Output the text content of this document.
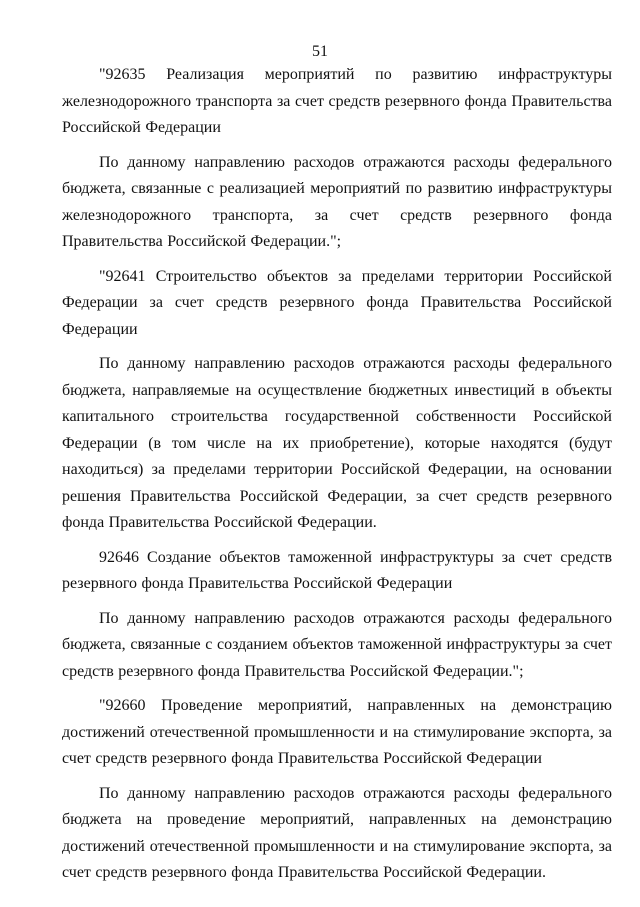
51

"92635 Реализация мероприятий по развитию инфраструктуры железнодорожного транспорта за счет средств резервного фонда Правительства Российской Федерации

По данному направлению расходов отражаются расходы федерального бюджета, связанные с реализацией мероприятий по развитию инфраструктуры железнодорожного транспорта, за счет средств резервного фонда Правительства Российской Федерации.";

"92641 Строительство объектов за пределами территории Российской Федерации за счет средств резервного фонда Правительства Российской Федерации

По данному направлению расходов отражаются расходы федерального бюджета, направляемые на осуществление бюджетных инвестиций в объекты капитального строительства государственной собственности Российской Федерации (в том числе на их приобретение), которые находятся (будут находиться) за пределами территории Российской Федерации, на основании решения Правительства Российской Федерации, за счет средств резервного фонда Правительства Российской Федерации.

92646 Создание объектов таможенной инфраструктуры за счет средств резервного фонда Правительства Российской Федерации

По данному направлению расходов отражаются расходы федерального бюджета, связанные с созданием объектов таможенной инфраструктуры за счет средств резервного фонда Правительства Российской Федерации.";

"92660 Проведение мероприятий, направленных на демонстрацию достижений отечественной промышленности и на стимулирование экспорта, за счет средств резервного фонда Правительства Российской Федерации

По данному направлению расходов отражаются расходы федерального бюджета на проведение мероприятий, направленных на демонстрацию достижений отечественной промышленности и на стимулирование экспорта, за счет средств резервного фонда Правительства Российской Федерации.
